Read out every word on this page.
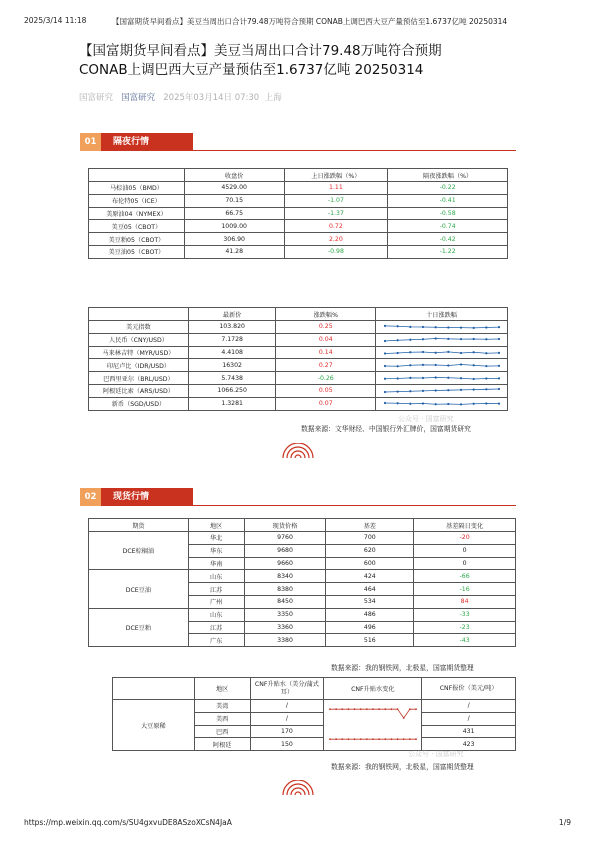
2025/3/14 11:18	【国富期货早间看点】美豆当周出口合计79.48万吨符合预期 CONAB上调巴西大豆产量预估至1.6737亿吨 20250314
【国富期货早间看点】美豆当周出口合计79.48万吨符合预期
CONAB上调巴西大豆产量预估至1.6737亿吨 20250314
国富研究 国富研究 2025年03月14日 07:30 上海
01	隔夜行情
	收盘价	上日涨跌幅（%）	隔夜涨跌幅（%）
马棕油05（BMD）	4529.00	1.11	-0.22
布伦特05（ICE）	70.15	-1.07	-0.41
美原油04（NYMEX）	66.75	-1.37	-0.58
美豆05（CBOT）	1009.00	0.72	-0.74
美豆粕05（CBOT）	306.90	2.20	-0.42
美豆油05（CBOT）	41.28	-0.98	-1.22
	最新价	涨跌幅%	十日涨跌幅
美元指数	103.820	0.25	

人民币（CNY/USD）	7.1728	0.04	

马来林吉特（MYR/USD）	4.4108	0.14	

印尼卢比（IDR/USD）	16302	0.27	

巴西里亚尔（BRL/USD）	5.7438	-0.26	

阿根廷比索（ARS/USD）	1066.250	0.05	

新币（SGD/USD）	1.3281	0.07	
数据来源：文华财经、中国银行外汇牌价，国富期货研究
公众号 · 国富研究
02	现货行情
期货	地区	现货价格	基差	基差隔日变化
DCE棕榈油	华北	9760	700	-20
	华东	9680	620	0
	华南	9660	600	0
DCE豆油	山东	8340	424	-66
	江苏	8380	464	-16
	广州	8450	534	84
DCE豆粕	山东	3350	486	-33
	江苏	3360	496	-23
	广东	3380	516	-43
数据来源：我的钢铁网，北极星，国富期货整理
	地区	CNF升贴水（美分/蒲式耳）	CNF升贴水变化	CNF报价（美元/吨）
大豆原稀	美湾	/		/
	美西	/		/
	巴西	170		431
	阿根廷	150		423
数据来源：我的钢铁网，北极星，国富期货整理
公众号 · 国富研究
https://mp.weixin.qq.com/s/SU4gxvuDE8ASzoXCsN4JaA	1/9
